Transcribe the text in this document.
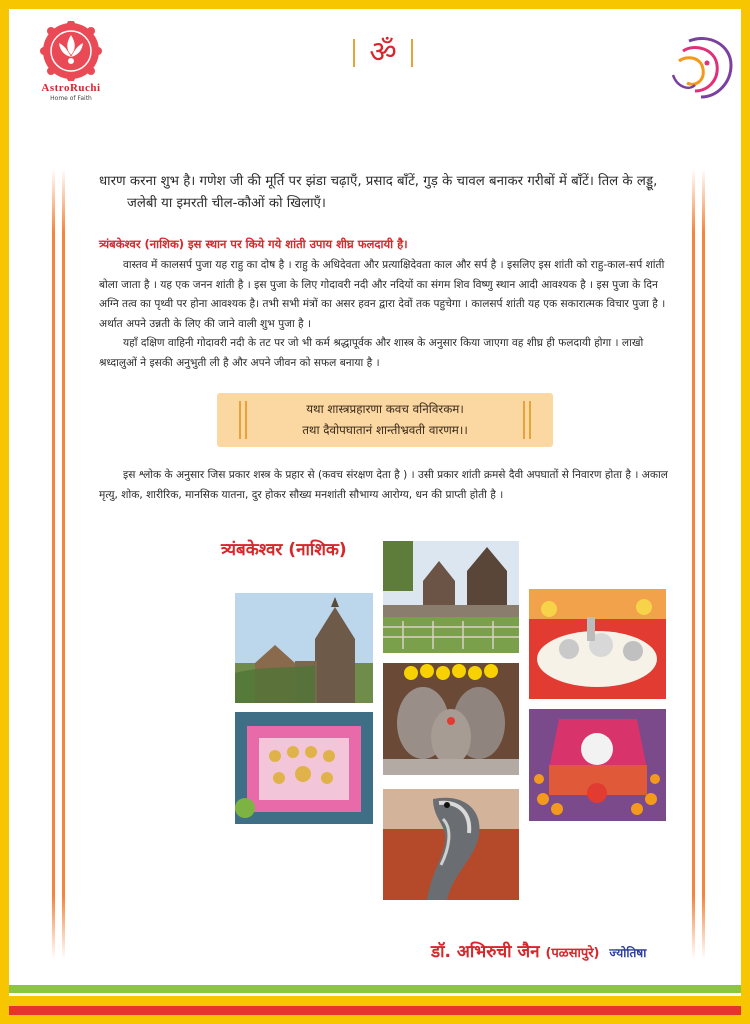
AstroRuchi
Home of Faith
ॐ

धारण करना शुभ है। गणेश जी की मूर्ति पर झंडा चढ़ाएँ, प्रसाद बाँटें, गुड़ के चावल बनाकर गरीबों में बाँटें। तिल के लड्डू,
जलेबी या इमरती चील-कौओं को खिलाएँ।

त्र्यंबकेश्वर (नाशिक) इस स्थान पर किये गये शांती उपाय शीघ्र फलदायी है।

वास्तव में कालसर्प पुजा यह राहु का दोष है । राहु के अधिदेवता और प्रत्याक्षिदेवता काल और सर्प है । इसलिए इस शांती को राहु-काल-सर्प शांती बोला जाता है । यह एक जनन शांती है । इस पुजा के लिए गोदावरी नदी और नदियों का संगम शिव विष्णु स्थान आदी आवश्यक है । इस पुजा के दिन अग्नि तत्व का पृथ्वी पर होना आवश्यक है। तभी सभी मंत्रों का असर हवन द्वारा देवों तक पहुचेगा । कालसर्प शांती यह एक सकारात्मक विचार पुजा है । अर्थात अपने उन्नती के लिए की जाने वाली शुभ पुजा है ।

यहाँ दक्षिण वाहिनी गोदावरी नदी के तट पर जो भी कर्म श्रद्धापूर्वक और शास्त्र के अनुसार किया जाएगा वह शीघ्र ही फलदायी होगा । लाखो श्रध्दालुओं ने इसकी अनुभुती ली है और अपने जीवन को सफल बनाया है ।

यथा शास्त्रप्रहारणा कवच वनिविरकम।
तथा दैवोपघातानं शान्तीभ्रवती वारणम।।

इस श्लोक के अनुसार जिस प्रकार शस्त्र के प्रहार से (कवच संरक्षण देता है ) । उसी प्रकार शांती क्रमसे दैवी अपघातों से निवारण होता है । अकाल मृत्यु, शोक, शारीरिक, मानसिक यातना, दुर होकर सौख्य मनशांती सौभाग्य आरोग्य, धन की प्राप्ती होती है ।

त्र्यंबकेश्वर (नाशिक)
डॉ. अभिरुची जैन (पळसापुरे) ज्योतिषा
